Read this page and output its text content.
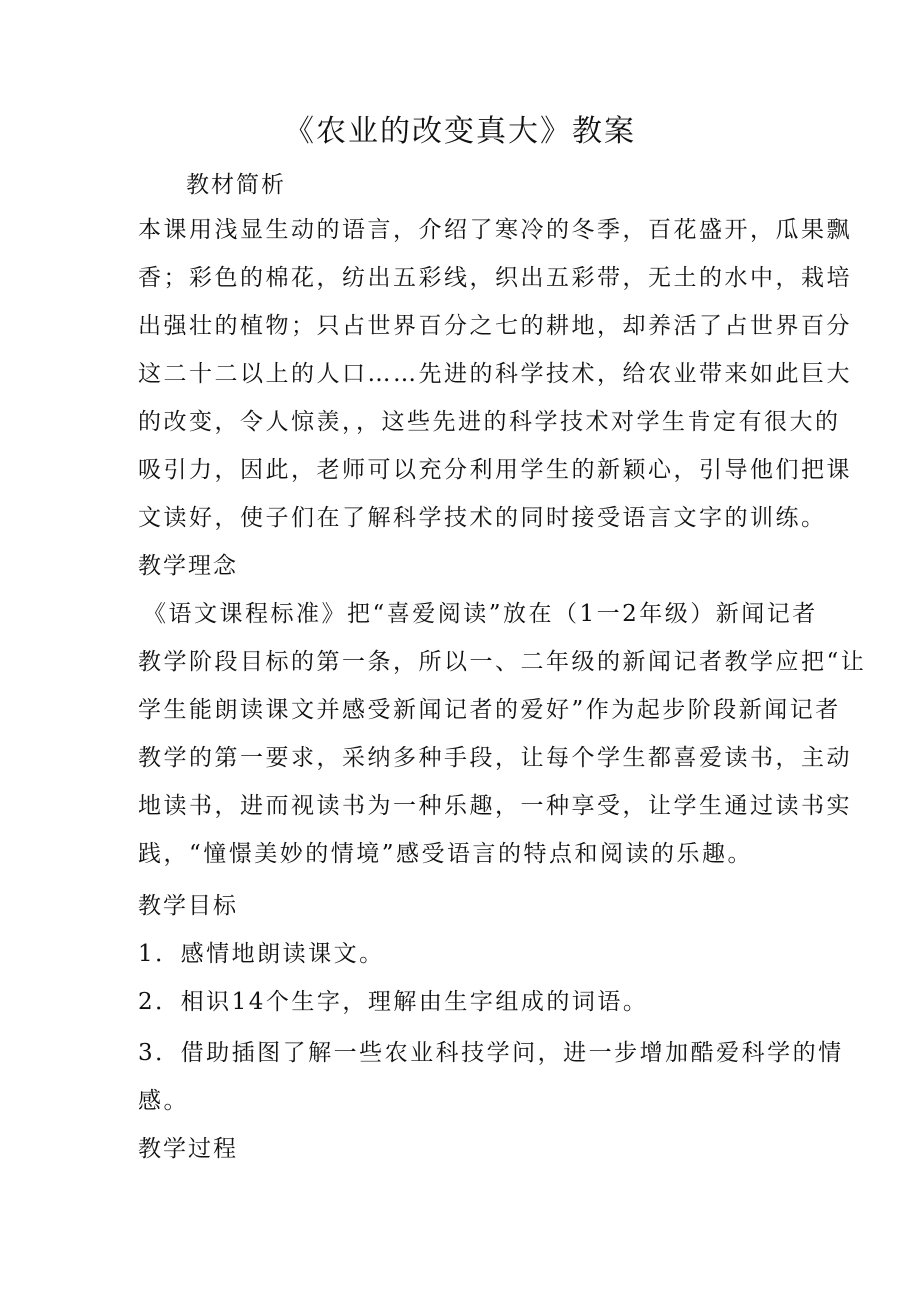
《农业的改变真大》教案
教材简析
本课用浅显生动的语言，介绍了寒冷的冬季，百花盛开，瓜果飘
香；彩色的棉花，纺出五彩线，织出五彩带，无土的水中，栽培
出强壮的植物；只占世界百分之七的耕地，却养活了占世界百分
这二十二以上的人口……先进的科学技术，给农业带来如此巨大
的改变，令人惊羡，，这些先进的科学技术对学生肯定有很大的
吸引力，因此，老师可以充分利用学生的新颖心，引导他们把课
文读好，使子们在了解科学技术的同时接受语言文字的训练。
教学理念
《语文课程标准》把“喜爱阅读”放在（1一2年级）新闻记者
教学阶段目标的第一条，所以一、二年级的新闻记者教学应把“让
学生能朗读课文并感受新闻记者的爱好”作为起步阶段新闻记者
教学的第一要求，采纳多种手段，让每个学生都喜爱读书，主动
地读书，进而视读书为一种乐趣，一种享受，让学生通过读书实
践，“憧憬美妙的情境”感受语言的特点和阅读的乐趣。
教学目标
1．感情地朗读课文。
2．相识14个生字，理解由生字组成的词语。
3．借助插图了解一些农业科技学问，进一步增加酷爱科学的情
感。
教学过程
